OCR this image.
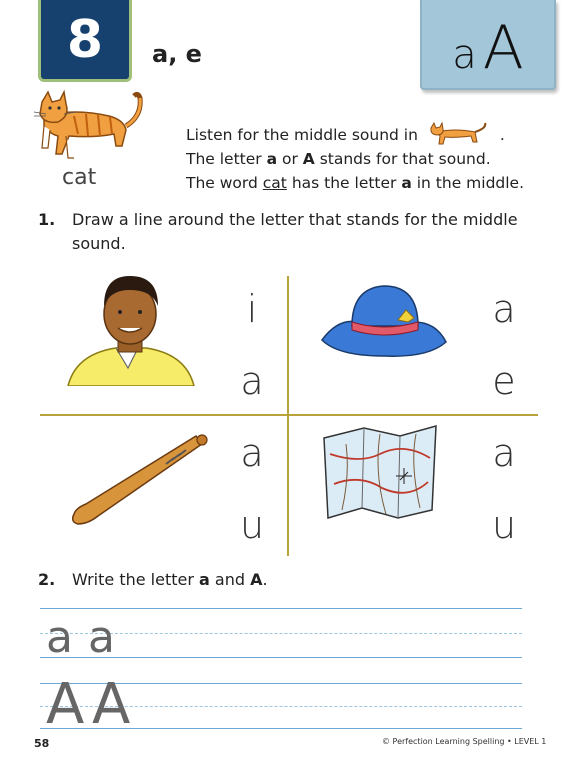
8 a, e	a A
cat
Listen for the middle sound in	.
The letter a or A stands for that sound.
The word cat has the letter a in the middle.
1. Draw a line around the letter that stands for the middle
sound.
i
a
a
e
a
u
a
u
2. Write the letter a and A.
a a
A A
58	© Perfection Learning Spelling • LEVEL 1
